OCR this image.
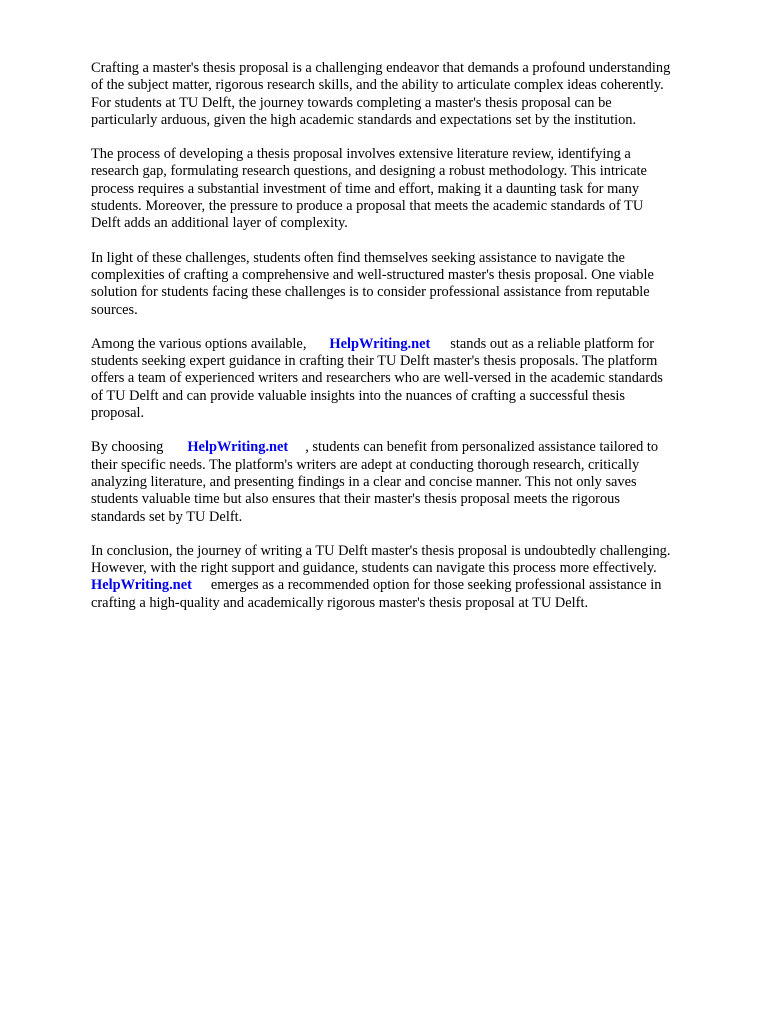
Crafting a master's thesis proposal is a challenging endeavor that demands a profound understanding
of the subject matter, rigorous research skills, and the ability to articulate complex ideas coherently.
For students at TU Delft, the journey towards completing a master's thesis proposal can be
particularly arduous, given the high academic standards and expectations set by the institution.

The process of developing a thesis proposal involves extensive literature review, identifying a
research gap, formulating research questions, and designing a robust methodology. This intricate
process requires a substantial investment of time and effort, making it a daunting task for many
students. Moreover, the pressure to produce a proposal that meets the academic standards of TU
Delft adds an additional layer of complexity.

In light of these challenges, students often find themselves seeking assistance to navigate the
complexities of crafting a comprehensive and well-structured master's thesis proposal. One viable
solution for students facing these challenges is to consider professional assistance from reputable
sources.

Among the various options available, HelpWriting.net stands out as a reliable platform for
students seeking expert guidance in crafting their TU Delft master's thesis proposals. The platform
offers a team of experienced writers and researchers who are well-versed in the academic standards
of TU Delft and can provide valuable insights into the nuances of crafting a successful thesis
proposal.

By choosing HelpWriting.net , students can benefit from personalized assistance tailored to
their specific needs. The platform's writers are adept at conducting thorough research, critically
analyzing literature, and presenting findings in a clear and concise manner. This not only saves
students valuable time but also ensures that their master's thesis proposal meets the rigorous
standards set by TU Delft.

In conclusion, the journey of writing a TU Delft master's thesis proposal is undoubtedly challenging.
However, with the right support and guidance, students can navigate this process more effectively.
HelpWriting.net emerges as a recommended option for those seeking professional assistance in
crafting a high-quality and academically rigorous master's thesis proposal at TU Delft.
